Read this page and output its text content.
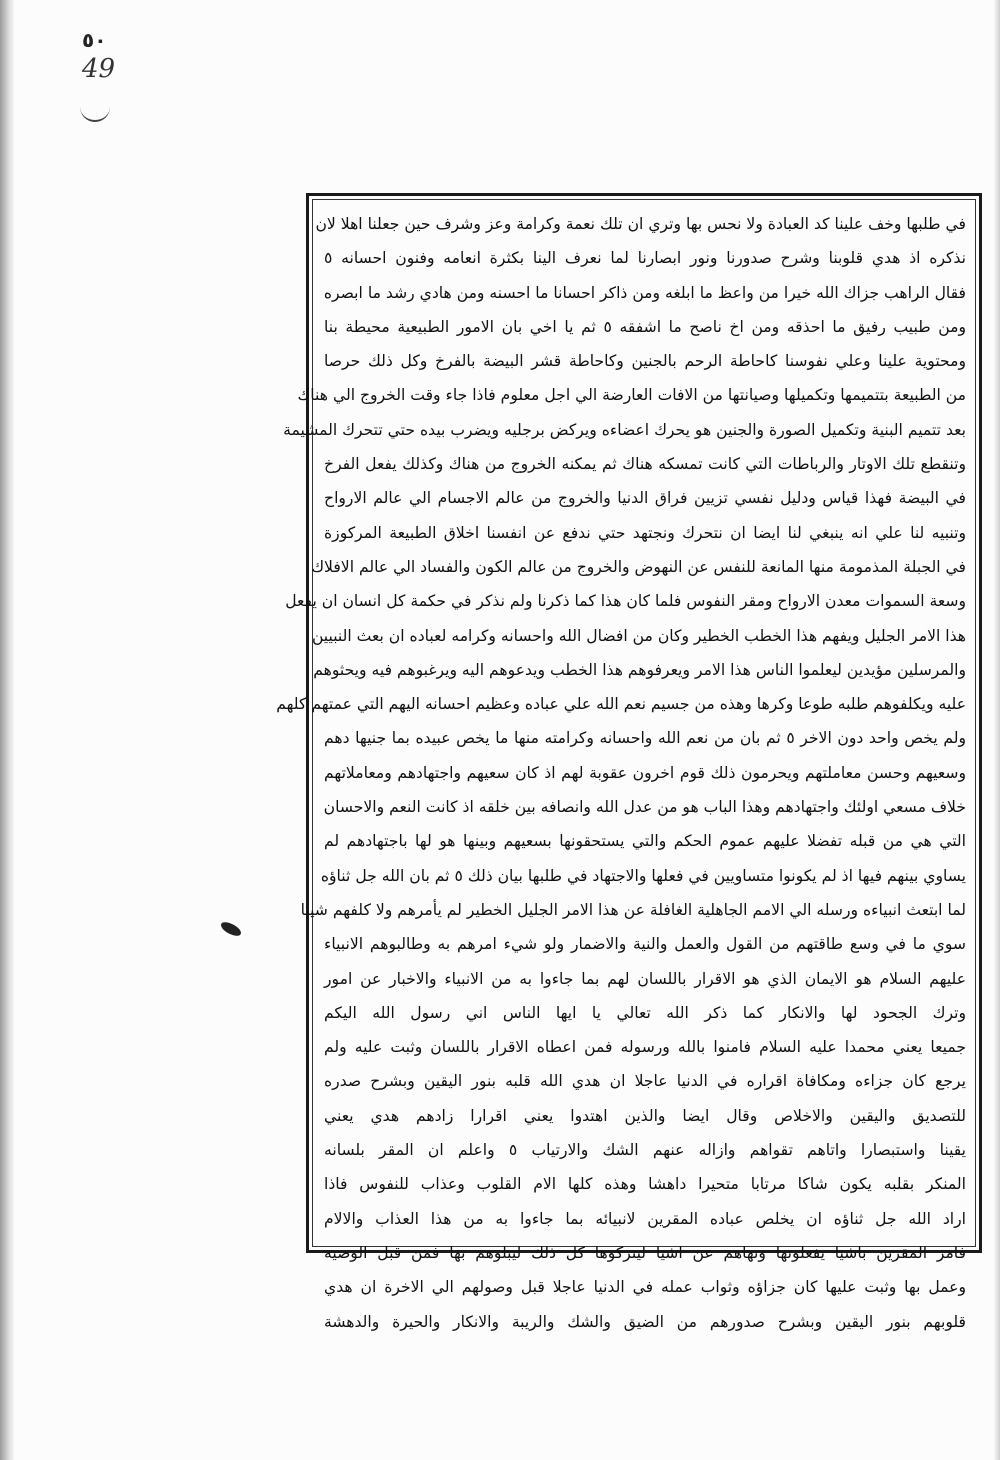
٥٠
49
في طلبها وخف علينا كد العبادة ولا نحس بها وتري ان تلك نعمة وكرامة وعز وشرف حين جعلنا اهلا لان
نذكره اذ هدي قلوبنا وشرح صدورنا ونور ابصارنا لما نعرف الينا بكثرة انعامه وفنون احسانه ٥
فقال الراهب جزاك الله خيرا من واعظ ما ابلغه ومن ذاكر احسانا ما احسنه ومن هادي رشد ما ابصره
ومن طبيب رفيق ما احذقه ومن اخ ناصح ما اشفقه ٥ ثم يا اخي بان الامور الطبيعية محيطة بنا
ومحتوية علينا وعلي نفوسنا كاحاطة الرحم بالجنين وكاحاطة قشر البيضة بالفرخ وكل ذلك حرصا
من الطبيعة بتتميمها وتكميلها وصيانتها من الافات العارضة الي اجل معلوم فاذا جاء وقت الخروج الي هناك
بعد تتميم البنية وتكميل الصورة والجنين هو يحرك اعضاءه ويركض برجليه ويضرب بيده حتي تتحرك المشيمة
وتنقطع تلك الاوتار والرباطات التي كانت تمسكه هناك ثم يمكنه الخروج من هناك وكذلك يفعل الفرخ
في البيضة فهذا قياس ودليل نفسي تزيين فراق الدنيا والخروج من عالم الاجسام الي عالم الارواح
وتنبيه لنا علي انه ينبغي لنا ايضا ان نتحرك ونجتهد حتي ندفع عن انفسنا اخلاق الطبيعة المركوزة
في الجبلة المذمومة منها المانعة للنفس عن النهوض والخروج من عالم الكون والفساد الي عالم الافلاك
وسعة السموات معدن الارواح ومقر النفوس فلما كان هذا كما ذكرنا ولم نذكر في حكمة كل انسان ان يفعل
هذا الامر الجليل ويفهم هذا الخطب الخطير وكان من افضال الله واحسانه وكرامه لعباده ان بعث النبيين
والمرسلين مؤيدين ليعلموا الناس هذا الامر ويعرفوهم هذا الخطب ويدعوهم اليه ويرغبوهم فيه ويحثوهم
عليه ويكلفوهم طلبه طوعا وكرها وهذه من جسيم نعم الله علي عباده وعظيم احسانه اليهم التي عمتهم كلهم
ولم يخص واحد دون الاخر ٥ ثم بان من نعم الله واحسانه وكرامته منها ما يخص عبيده بما جنيها دهم
وسعيهم وحسن معاملتهم ويحرمون ذلك قوم اخرون عقوبة لهم اذ كان سعيهم واجتهادهم ومعاملاتهم
خلاف مسعي اولئك واجتهادهم وهذا الباب هو من عدل الله وانصافه بين خلقه اذ كانت النعم والاحسان
التي هي من قبله تفضلا عليهم عموم الحكم والتي يستحقونها بسعيهم وبينها هو لها باجتهادهم لم
يساوي بينهم فيها اذ لم يكونوا متساويين في فعلها والاجتهاد في طلبها بيان ذلك ٥ ثم بان الله جل ثناؤه
لما ابتعث انبياءه ورسله الي الامم الجاهلية الغافلة عن هذا الامر الجليل الخطير لم يأمرهم ولا كلفهم شيئا
سوي ما في وسع طاقتهم من القول والعمل والنية والاضمار ولو شيء امرهم به وطالبوهم الانبياء
عليهم السلام هو الايمان الذي هو الاقرار باللسان لهم بما جاءوا به من الانبياء والاخبار عن امور
وترك الجحود لها والانكار كما ذكر الله تعالي يا ايها الناس اني رسول الله اليكم
جميعا يعني محمدا عليه السلام فامنوا بالله ورسوله فمن اعطاه الاقرار باللسان وثبت عليه ولم
يرجع كان جزاءه ومكافاة اقراره في الدنيا عاجلا ان هدي الله قلبه بنور اليقين وبشرح صدره
للتصديق واليقين والاخلاص وقال ايضا والذين اهتدوا يعني اقرارا زادهم هدي يعني
يقينا واستبصارا واتاهم تقواهم وازاله عنهم الشك والارتياب ٥ واعلم ان المقر بلسانه
المنكر بقلبه يكون شاكا مرتابا متحيرا داهشا وهذه كلها الام القلوب وعذاب للنفوس فاذا
اراد الله جل ثناؤه ان يخلص عباده المقرين لانبيائه بما جاءوا به من هذا العذاب والالام
فامر المقرين باشيا يفعلونها ونهاهم عن اشيا ليتركوها كل ذلك ليبلوهم بها فمن قبل الوصية
وعمل بها وثبت عليها كان جزاؤه وثواب عمله في الدنيا عاجلا قبل وصولهم الي الاخرة ان هدي
قلوبهم بنور اليقين وبشرح صدورهم من الضيق والشك والريبة والانكار والحيرة والدهشة
